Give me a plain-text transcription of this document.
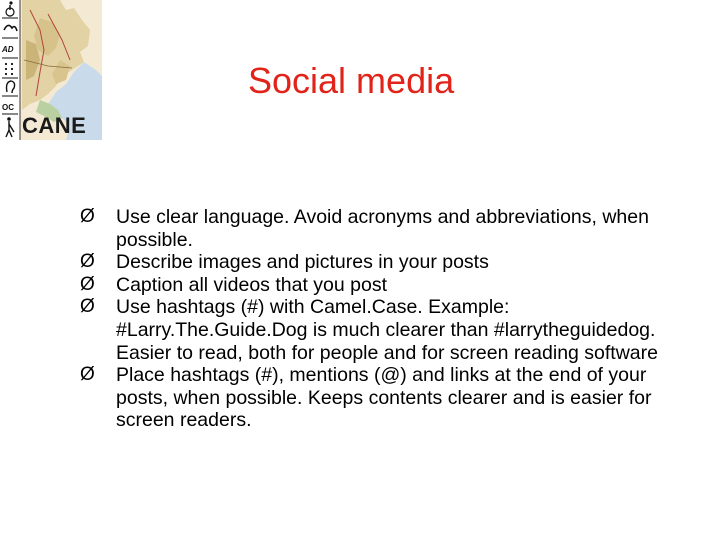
AD
OC
CANE
Social media
Ø	Use clear language. Avoid acronyms and abbreviations, when possible.
Ø	Describe images and pictures in your posts
Ø	Caption all videos that you post
Ø	Use hashtags (#) with Camel.Case. Example: #Larry.The.Guide.Dog is much clearer than #larrytheguidedog. Easier to read, both for people and for screen reading software
Ø	Place hashtags (#), mentions (@) and links at the end of your posts, when possible. Keeps contents clearer and is easier for screen readers.
